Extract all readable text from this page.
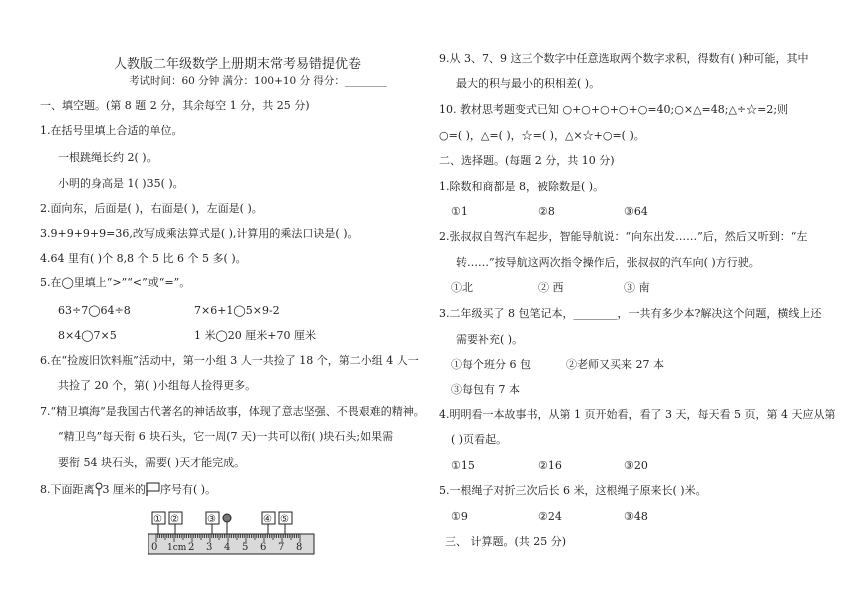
人教版二年级数学上册期末常考易错提优卷
考试时间：60 分钟 满分：100+10 分 得分：________
一、填空题。(第 8 题 2 分，其余每空 1 分，共 25 分)
1.在括号里填上合适的单位。
一根跳绳长约 2( )。
小明的身高是 1( )35( )。
2.面向东，后面是( )，右面是( )，左面是( )。
3.9+9+9+9=36,改写成乘法算式是( ),计算用的乘法口诀是( )。
4.64 里有( )个 8,8 个 5 比 6 个 5 多( )。
5.在◯里填上“>”“<”或“=”。
63÷7◯64÷8	7×6+1◯5×9-2
8×4◯7×5	1 米◯20 厘米+70 厘米
6.在“捡废旧饮料瓶”活动中，第一小组 3 人一共捡了 18 个，第二小组 4 人一
共捡了 20 个，第( )小组每人捡得更多。
7.“精卫填海”是我国古代著名的神话故事，体现了意志坚强、不畏艰难的精神。
“精卫鸟”每天衔 6 块石头，它一周(7 天)一共可以衔( )块石头;如果需
要衔 54 块石头，需要( )天才能完成。
8.下面距离 3 厘米的 序号有( )。
① ②	③	④ ⑤
0 1cm 2 3 4 5 6 7 8
9.从 3、7、9 这三个数字中任意选取两个数字求积，得数有( )种可能，其中
最大的积与最小的积相差( )。
10. 教材思考题变式已知 ○+○+○+○+○=40;○×△=48;△÷☆=2;则
○=( )，△=( )，☆=( )，△×☆+○=( )。
二、选择题。(每题 2 分，共 10 分)
1.除数和商都是 8，被除数是( )。
①1	②8	③64
2.张叔叔自驾汽车起步，智能导航说：“向东出发……”后，然后又听到：“左
转……”按导航这两次指令操作后，张叔叔的汽车向( )方行驶。
①北	② 西	③ 南
3.二年级买了 8 包笔记本，________，一共有多少本?解决这个问题，横线上还
需要补充( )。
①每个班分 6 包	②老师又买来 27 本
③每包有 7 本
4.明明看一本故事书，从第 1 页开始看，看了 3 天，每天看 5 页，第 4 天应从第
( )页看起。
①15	②16	③20
5.一根绳子对折三次后长 6 米，这根绳子原来长( )米。
①9	②24	③48
三、 计算题。(共 25 分)
